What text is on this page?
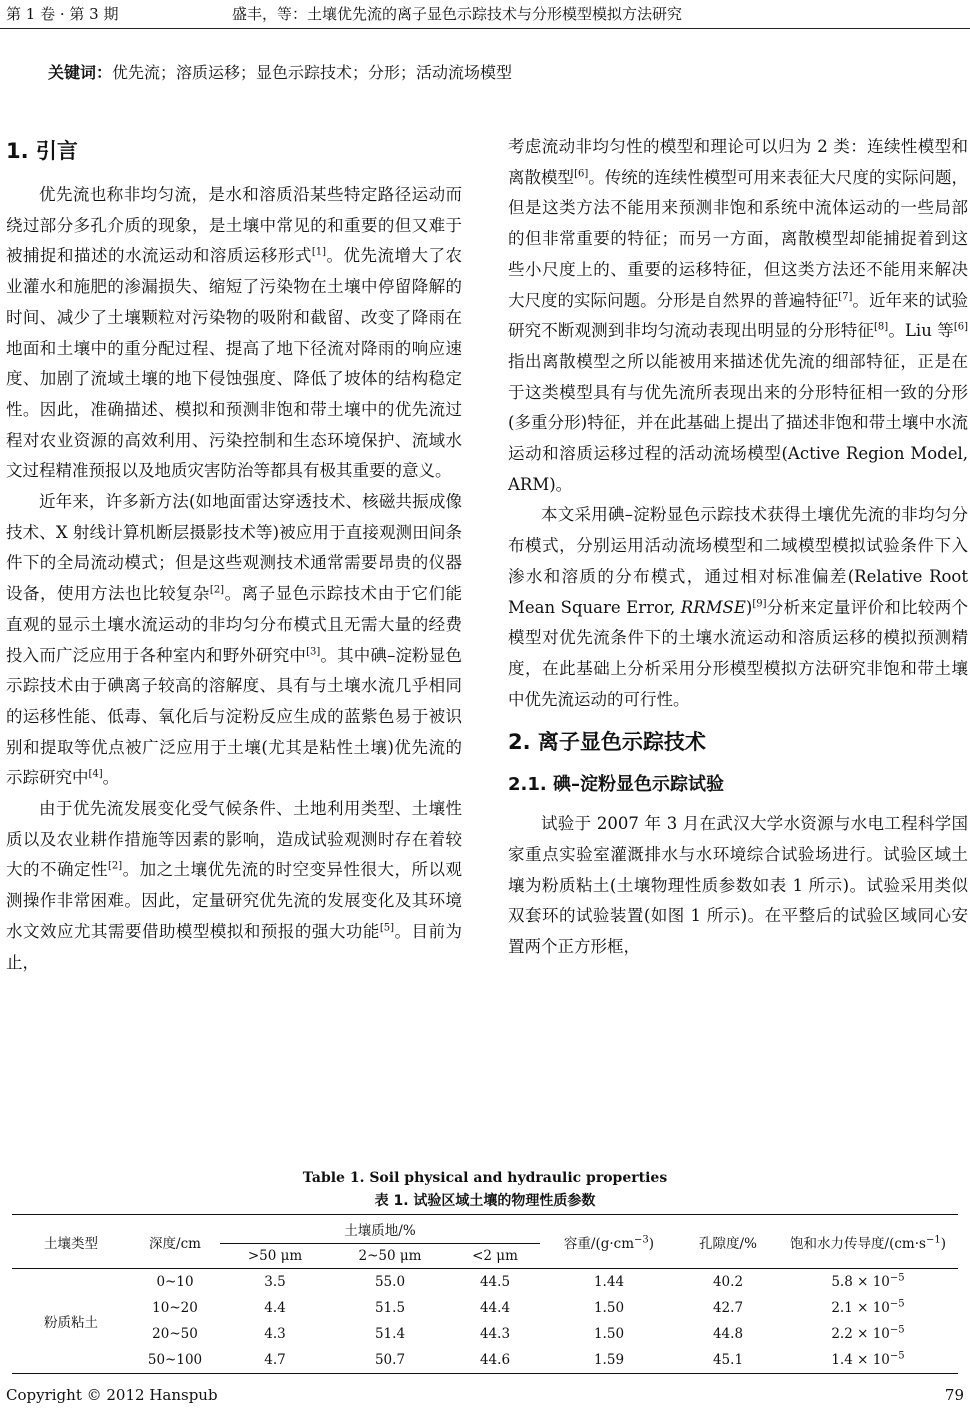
第 1 卷 · 第 3 期	盛丰，等：土壤优先流的离子显色示踪技术与分形模型模拟方法研究
关键词：优先流；溶质运移；显色示踪技术；分形；活动流场模型
1. 引言

优先流也称非均匀流，是水和溶质沿某些特定路径运动而绕过部分多孔介质的现象，是土壤中常见的和重要的但又难于被捕捉和描述的水流运动和溶质运移形式[1]。优先流增大了农业灌水和施肥的渗漏损失、缩短了污染物在土壤中停留降解的时间、减少了土壤颗粒对污染物的吸附和截留、改变了降雨在地面和土壤中的重分配过程、提高了地下径流对降雨的响应速度、加剧了流域土壤的地下侵蚀强度、降低了坡体的结构稳定性。因此，准确描述、模拟和预测非饱和带土壤中的优先流过程对农业资源的高效利用、污染控制和生态环境保护、流域水文过程精准预报以及地质灾害防治等都具有极其重要的意义。

近年来，许多新方法(如地面雷达穿透技术、核磁共振成像技术、X 射线计算机断层摄影技术等)被应用于直接观测田间条件下的全局流动模式；但是这些观测技术通常需要昂贵的仪器设备，使用方法也比较复杂[2]。离子显色示踪技术由于它们能直观的显示土壤水流运动的非均匀分布模式且无需大量的经费投入而广泛应用于各种室内和野外研究中[3]。其中碘–淀粉显色示踪技术由于碘离子较高的溶解度、具有与土壤水流几乎相同的运移性能、低毒、氧化后与淀粉反应生成的蓝紫色易于被识别和提取等优点被广泛应用于土壤(尤其是粘性土壤)优先流的示踪研究中[4]。

由于优先流发展变化受气候条件、土地利用类型、土壤性质以及农业耕作措施等因素的影响，造成试验观测时存在着较大的不确定性[2]。加之土壤优先流的时空变异性很大，所以观测操作非常困难。因此，定量研究优先流的发展变化及其环境水文效应尤其需要借助模型模拟和预报的强大功能[5]。目前为止，

考虑流动非均匀性的模型和理论可以归为 2 类：连续性模型和离散模型[6]。传统的连续性模型可用来表征大尺度的实际问题，但是这类方法不能用来预测非饱和系统中流体运动的一些局部的但非常重要的特征；而另一方面，离散模型却能捕捉着到这些小尺度上的、重要的运移特征，但这类方法还不能用来解决大尺度的实际问题。分形是自然界的普遍特征[7]。近年来的试验研究不断观测到非均匀流动表现出明显的分形特征[8]。Liu 等[6]指出离散模型之所以能被用来描述优先流的细部特征，正是在于这类模型具有与优先流所表现出来的分形特征相一致的分形(多重分形)特征，并在此基础上提出了描述非饱和带土壤中水流运动和溶质运移过程的活动流场模型(Active Region Model, ARM)。

本文采用碘–淀粉显色示踪技术获得土壤优先流的非均匀分布模式，分别运用活动流场模型和二域模型模拟试验条件下入渗水和溶质的分布模式，通过相对标准偏差(Relative Root Mean Square Error, RRMSE)[9]分析来定量评价和比较两个模型对优先流条件下的土壤水流运动和溶质运移的模拟预测精度，在此基础上分析采用分形模型模拟方法研究非饱和带土壤中优先流运动的可行性。

2. 离子显色示踪技术
2.1. 碘–淀粉显色示踪试验

试验于 2007 年 3 月在武汉大学水资源与水电工程科学国家重点实验室灌溉排水与水环境综合试验场进行。试验区域土壤为粉质粘土(土壤物理性质参数如表 1 所示)。试验采用类似双套环的试验装置(如图 1 所示)。在平整后的试验区域同心安置两个正方形框，

Table 1. Soil physical and hydraulic properties
表 1. 试验区域土壤的物理性质参数
土壤类型	深度/cm	土壤质地/%			容重$/(g\cdot cm^{-3})$	孔隙度/%	饱和水力传导度$/(cm\cdot s^{-1})$
		>50 μm	2~50 μm	<2 μm			
粉质粘土	0~10	3.5	55.0	44.5	1.44	40.2	$5.8 \times 10^{-5}$
	10~20	4.4	51.5	44.4	1.50	42.7	$2.1 \times 10^{-5}$
	20~50	4.3	51.4	44.3	1.50	44.8	$2.2 \times 10^{-5}$
	50~100	4.7	50.7	44.6	1.59	45.1	$1.4 \times 10^{-5}$
Copyright © 2012 Hanspub	79
